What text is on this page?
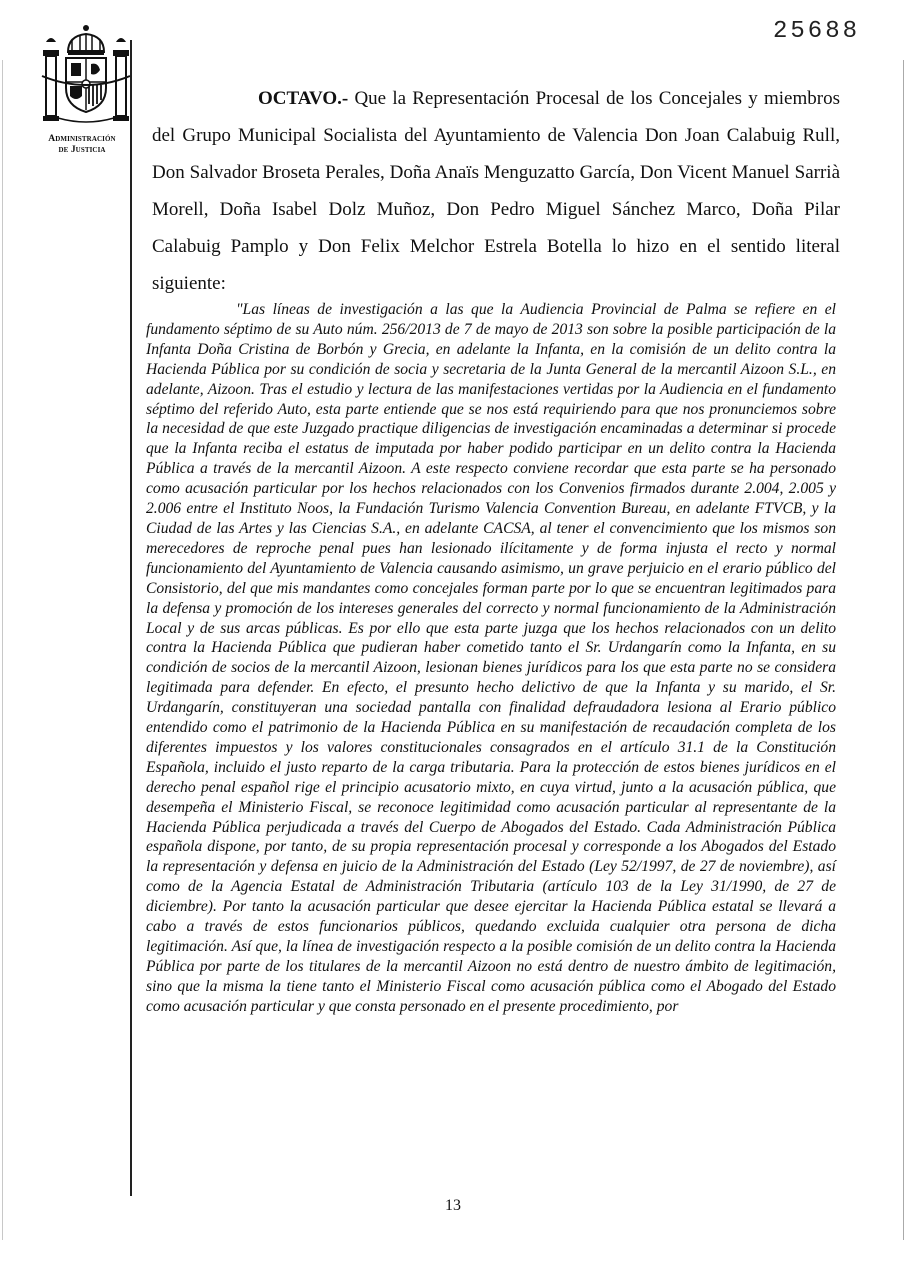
25688
Administración
de Justicia

OCTAVO.- Que la Representación Procesal de los Concejales y miembros del Grupo Municipal Socialista del Ayuntamiento de Valencia Don Joan Calabuig Rull, Don Salvador Broseta Perales, Doña Anaïs Menguzatto García, Don Vicent Manuel Sarrià Morell, Doña Isabel Dolz Muñoz, Don Pedro Miguel Sánchez Marco, Doña Pilar Calabuig Pamplo y Don Felix Melchor Estrela Botella lo hizo en el sentido literal siguiente:

"Las líneas de investigación a las que la Audiencia Provincial de Palma se refiere en el fundamento séptimo de su Auto núm. 256/2013 de 7 de mayo de 2013 son sobre la posible participación de la Infanta Doña Cristina de Borbón y Grecia, en adelante la Infanta, en la comisión de un delito contra la Hacienda Pública por su condición de socia y secretaria de la Junta General de la mercantil Aizoon S.L., en adelante, Aizoon. Tras el estudio y lectura de las manifestaciones vertidas por la Audiencia en el fundamento séptimo del referido Auto, esta parte entiende que se nos está requiriendo para que nos pronunciemos sobre la necesidad de que este Juzgado practique diligencias de investigación encaminadas a determinar si procede que la Infanta reciba el estatus de imputada por haber podido participar en un delito contra la Hacienda Pública a través de la mercantil Aizoon. A este respecto conviene recordar que esta parte se ha personado como acusación particular por los hechos relacionados con los Convenios firmados durante 2.004, 2.005 y 2.006 entre el Instituto Noos, la Fundación Turismo Valencia Convention Bureau, en adelante FTVCB, y la Ciudad de las Artes y las Ciencias S.A., en adelante CACSA, al tener el convencimiento que los mismos son merecedores de reproche penal pues han lesionado ilícitamente y de forma injusta el recto y normal funcionamiento del Ayuntamiento de Valencia causando asimismo, un grave perjuicio en el erario público del Consistorio, del que mis mandantes como concejales forman parte por lo que se encuentran legitimados para la defensa y promoción de los intereses generales del correcto y normal funcionamiento de la Administración Local y de sus arcas públicas. Es por ello que esta parte juzga que los hechos relacionados con un delito contra la Hacienda Pública que pudieran haber cometido tanto el Sr. Urdangarín como la Infanta, en su condición de socios de la mercantil Aizoon, lesionan bienes jurídicos para los que esta parte no se considera legitimada para defender. En efecto, el presunto hecho delictivo de que la Infanta y su marido, el Sr. Urdangarín, constituyeran una sociedad pantalla con finalidad defraudadora lesiona al Erario público entendido como el patrimonio de la Hacienda Pública en su manifestación de recaudación completa de los diferentes impuestos y los valores constitucionales consagrados en el artículo 31.1 de la Constitución Española, incluido el justo reparto de la carga tributaria. Para la protección de estos bienes jurídicos en el derecho penal español rige el principio acusatorio mixto, en cuya virtud, junto a la acusación pública, que desempeña el Ministerio Fiscal, se reconoce legitimidad como acusación particular al representante de la Hacienda Pública perjudicada a través del Cuerpo de Abogados del Estado. Cada Administración Pública española dispone, por tanto, de su propia representación procesal y corresponde a los Abogados del Estado la representación y defensa en juicio de la Administración del Estado (Ley 52/1997, de 27 de noviembre), así como de la Agencia Estatal de Administración Tributaria (artículo 103 de la Ley 31/1990, de 27 de diciembre). Por tanto la acusación particular que desee ejercitar la Hacienda Pública estatal se llevará a cabo a través de estos funcionarios públicos, quedando excluida cualquier otra persona de dicha legitimación. Así que, la línea de investigación respecto a la posible comisión de un delito contra la Hacienda Pública por parte de los titulares de la mercantil Aizoon no está dentro de nuestro ámbito de legitimación, sino que la misma la tiene tanto el Ministerio Fiscal como acusación pública como el Abogado del Estado como acusación particular y que consta personado en el presente procedimiento, por

13
